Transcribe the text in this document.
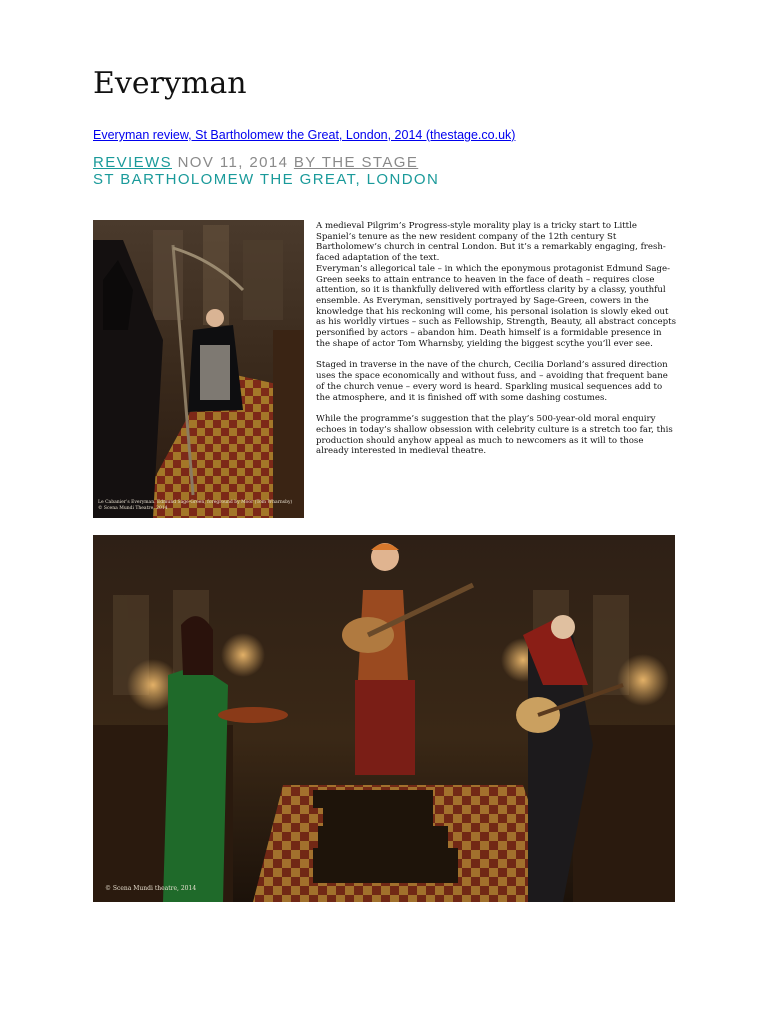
Everyman
Everyman review, St Bartholomew the Great, London, 2014 (thestage.co.uk)
REVIEWS NOV 11, 2014 BY THE STAGE
ST BARTHOLOMEW THE GREAT, LONDON
Le Cabanier’s Everyman. Edmund Sage-Green, foreground by Moor (Tom Wharnsby)
© Scena Mundi Theatre, 2014

A medieval Pilgrim’s Progress-style morality play is a tricky start to Little Spaniel’s tenure as the new resident company of the 12th century St Bartholomew’s church in central London. But it’s a remarkably engaging, fresh-faced adaptation of the text.

Everyman’s allegorical tale – in which the eponymous protagonist Edmund Sage-Green seeks to attain entrance to heaven in the face of death – requires close attention, so it is thankfully delivered with effortless clarity by a classy, youthful ensemble. As Everyman, sensitively portrayed by Sage-Green, cowers in the knowledge that his reckoning will come, his personal isolation is slowly eked out as his worldly virtues – such as Fellowship, Strength, Beauty, all abstract concepts personified by actors – abandon him. Death himself is a formidable presence in the shape of actor Tom Wharnsby, yielding the biggest scythe you’ll ever see.

Staged in traverse in the nave of the church, Cecilia Dorland’s assured direction uses the space economically and without fuss, and – avoiding that frequent bane of the church venue – every word is heard. Sparkling musical sequences add to the atmosphere, and it is finished off with some dashing costumes.

While the programme’s suggestion that the play’s 500-year-old moral enquiry echoes in today’s shallow obsession with celebrity culture is a stretch too far, this production should anyhow appeal as much to newcomers as it will to those already interested in medieval theatre.

© Scena Mundi theatre, 2014
